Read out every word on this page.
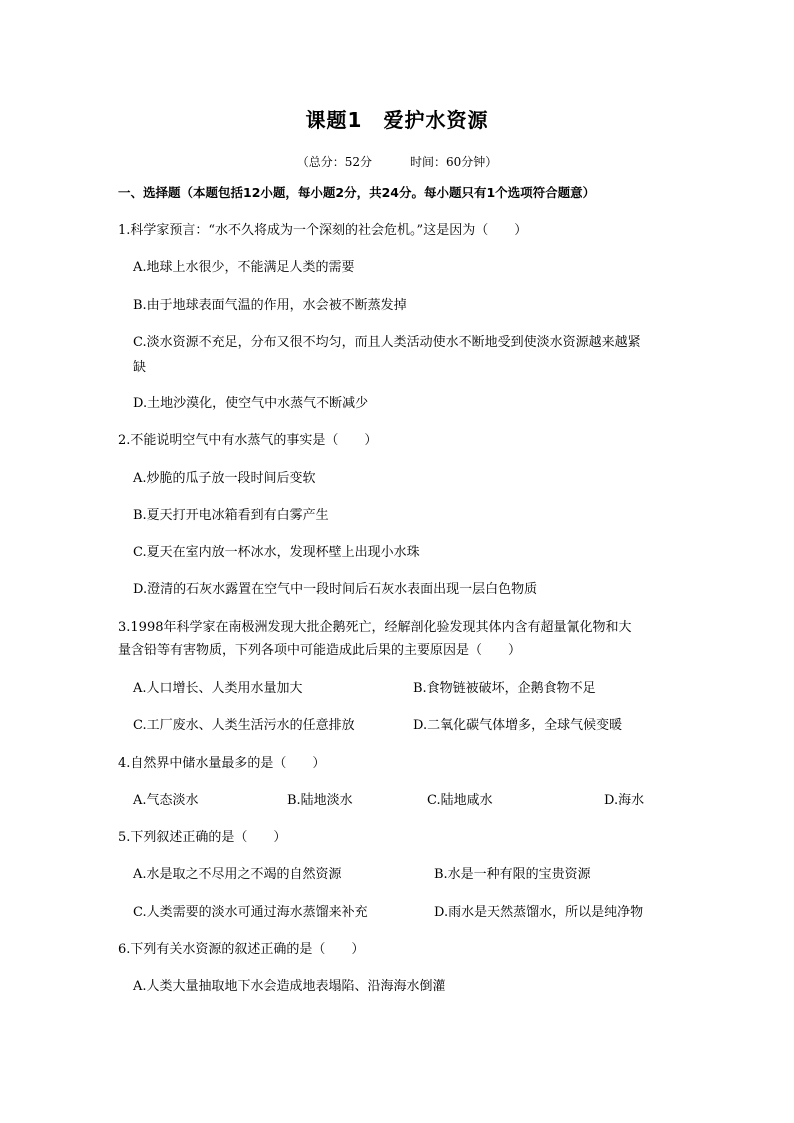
课题1　爱护水资源
（总分：52分	时间：60分钟）
一、选择题（本题包括12小题，每小题2分，共24分。每小题只有1个选项符合题意）
1.科学家预言：“水不久将成为一个深刻的社会危机。”这是因为（　　）
A.地球上水很少，不能满足人类的需要
B.由于地球表面气温的作用，水会被不断蒸发掉
C.淡水资源不充足，分布又很不均匀，而且人类活动使水不断地受到使淡水资源越来越紧
缺
D.土地沙漠化，使空气中水蒸气不断减少
2.不能说明空气中有水蒸气的事实是（　　）
A.炒脆的瓜子放一段时间后变软
B.夏天打开电冰箱看到有白雾产生
C.夏天在室内放一杯冰水，发现杯壁上出现小水珠
D.澄清的石灰水露置在空气中一段时间后石灰水表面出现一层白色物质
3.1998年科学家在南极洲发现大批企鹅死亡，经解剖化验发现其体内含有超量氰化物和大
量含铅等有害物质，下列各项中可能造成此后果的主要原因是（　　）
A.人口增长、人类用水量加大	B.食物链被破坏，企鹅食物不足
C.工厂废水、人类生活污水的任意排放	D.二氧化碳气体增多，全球气候变暖
4.自然界中储水量最多的是（　　）
A.气态淡水	B.陆地淡水	C.陆地咸水	D.海水
5.下列叙述正确的是（　　）
A.水是取之不尽用之不竭的自然资源	B.水是一种有限的宝贵资源
C.人类需要的淡水可通过海水蒸馏来补充	D.雨水是天然蒸馏水，所以是纯净物
6.下列有关水资源的叙述正确的是（　　）
A.人类大量抽取地下水会造成地表塌陷、沿海海水倒灌
